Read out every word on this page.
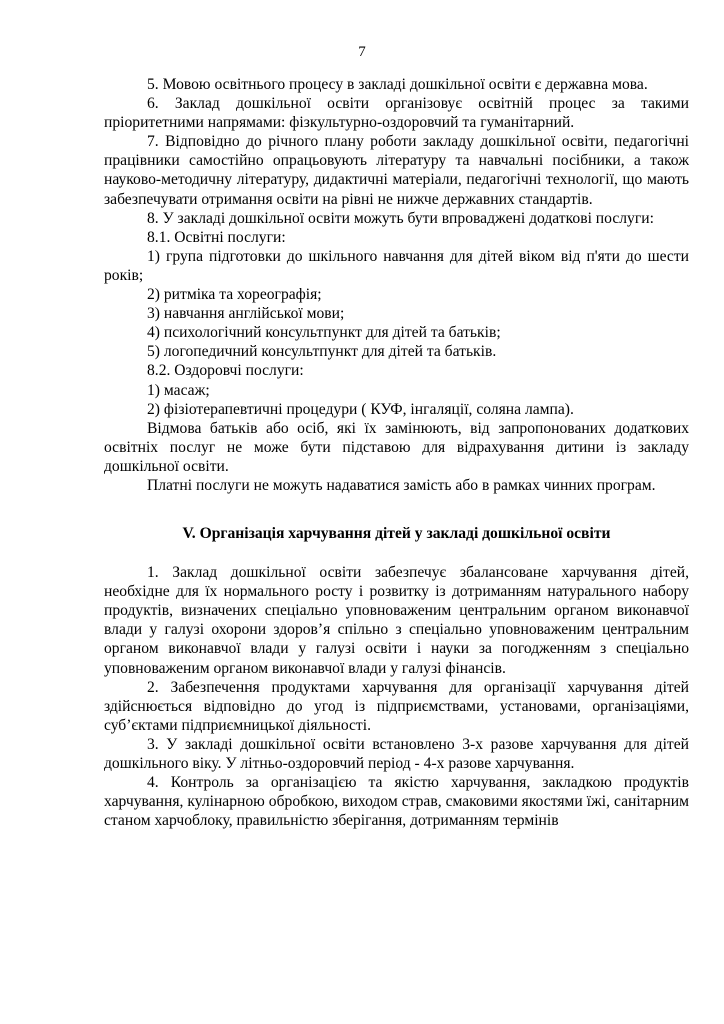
7

5. Мовою освітнього процесу в закладі дошкільної освіти є державна мова.

6. Заклад дошкільної освіти організовує освітній процес за такими пріоритетними напрямами: фізкультурно-оздоровчий та гуманітарний.

7. Відповідно до річного плану роботи закладу дошкільної освіти, педагогічні працівники самостійно опрацьовують літературу та навчальні посібники, а також науково-методичну літературу, дидактичні матеріали, педагогічні технології, що мають забезпечувати отримання освіти на рівні не нижче державних стандартів.

8. У закладі дошкільної освіти можуть бути впроваджені додаткові послуги:

8.1. Освітні послуги:

1) група підготовки до шкільного навчання для дітей віком від п'яти до шести років;

2) ритміка та хореографія;

3) навчання англійської мови;

4) психологічний консультпункт для дітей та батьків;

5) логопедичний консультпункт для дітей та батьків.

8.2. Оздоровчі послуги:

1) масаж;

2) фізіотерапевтичні процедури ( КУФ, інгаляції, соляна лампа).

Відмова батьків або осіб, які їх замінюють, від запропонованих додаткових освітніх послуг не може бути підставою для відрахування дитини із закладу дошкільної освіти.

Платні послуги не можуть надаватися замість або в рамках чинних програм.

V. Організація харчування дітей у закладі дошкільної освіти

1. Заклад дошкільної освіти забезпечує збалансоване харчування дітей, необхідне для їх нормального росту і розвитку із дотриманням натурального набору продуктів, визначених спеціально уповноваженим центральним органом виконавчої влади у галузі охорони здоров’я спільно з спеціально уповноваженим центральним органом виконавчої влади у галузі освіти і науки за погодженням з спеціально уповноваженим органом виконавчої влади у галузі фінансів.

2. Забезпечення продуктами харчування для організації харчування дітей здійснюється відповідно до угод із підприємствами, установами, організаціями, суб’єктами підприємницької діяльності.

3. У закладі дошкільної освіти встановлено 3-х разове харчування для дітей дошкільного віку. У літньо-оздоровчий період - 4-х разове харчування.

4. Контроль за організацією та якістю харчування, закладкою продуктів харчування, кулінарною обробкою, виходом страв, смаковими якостями їжі, санітарним станом харчоблоку, правильністю зберігання, дотриманням термінів
